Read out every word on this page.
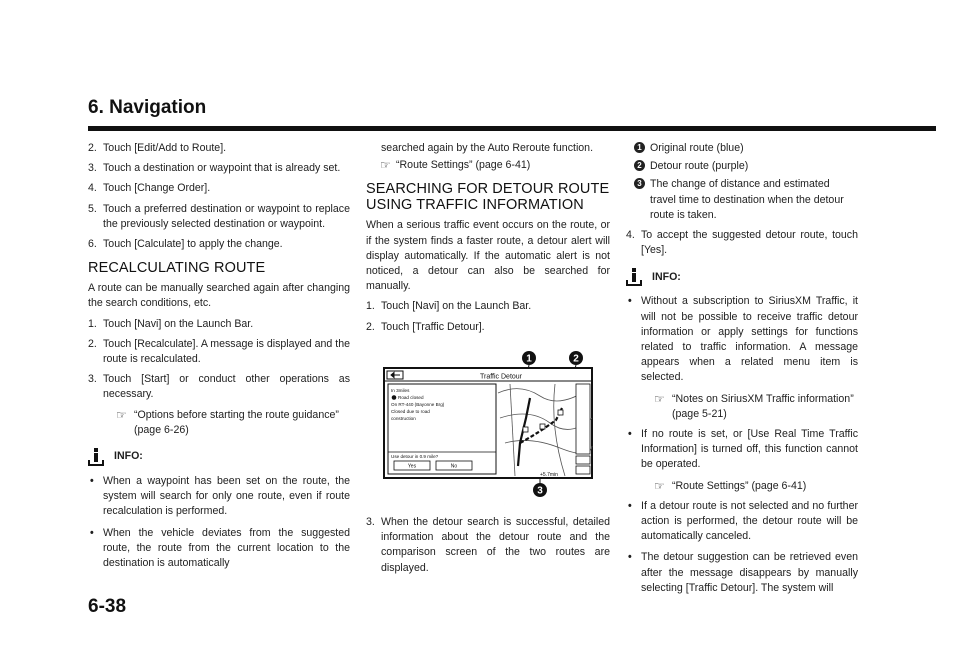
6. Navigation
2. Touch [Edit/Add to Route].
3. Touch a destination or waypoint that is already set.
4. Touch [Change Order].
5. Touch a preferred destination or waypoint to replace the previously selected destination or waypoint.
6. Touch [Calculate] to apply the change.
RECALCULATING ROUTE

A route can be manually searched again after changing the search conditions, etc.

1. Touch [Navi] on the Launch Bar.
2. Touch [Recalculate]. A message is displayed and the route is recalculated.
3. Touch [Start] or conduct other operations as necessary.
☞ “Options before starting the route guidance” (page 6-26)
INFO:
• When a waypoint has been set on the route, the system will search for only one route, even if route recalculation is performed.
• When the vehicle deviates from the suggested route, the route from the current location to the destination is automatically
searched again by the Auto Reroute function.
☞ “Route Settings” (page 6-41)
SEARCHING FOR DETOUR ROUTE USING TRAFFIC INFORMATION

When a serious traffic event occurs on the route, or if the system finds a faster route, a detour alert will display automatically. If the automatic alert is not noticed, a detour can also be searched for manually.

1. Touch [Navi] on the Launch Bar.
2. Touch [Traffic Detour].
1	2
Traffic Detour
In 3miles
Road closed
On RT-440 (Bayonne Brg)
Closed due to road
construction
Use detour in 0.9 mile?
Yes	No
+5.7min
3
3. When the detour search is successful, detailed information about the detour route and the comparison screen of the two routes are displayed.
1 Original route (blue)
2 Detour route (purple)
3 The change of distance and estimated travel time to destination when the detour route is taken.
4. To accept the suggested detour route, touch [Yes].
INFO:
• Without a subscription to SiriusXM Traffic, it will not be possible to receive traffic detour information or apply settings for functions related to traffic information. A message appears when a related menu item is selected.
☞ “Notes on SiriusXM Traffic information” (page 5-21)
• If no route is set, or [Use Real Time Traffic Information] is turned off, this function cannot be operated.
☞ “Route Settings” (page 6-41)
• If a detour route is not selected and no further action is performed, the detour route will be automatically canceled.
• The detour suggestion can be retrieved even after the message disappears by manually selecting [Traffic Detour]. The system will
6-38
